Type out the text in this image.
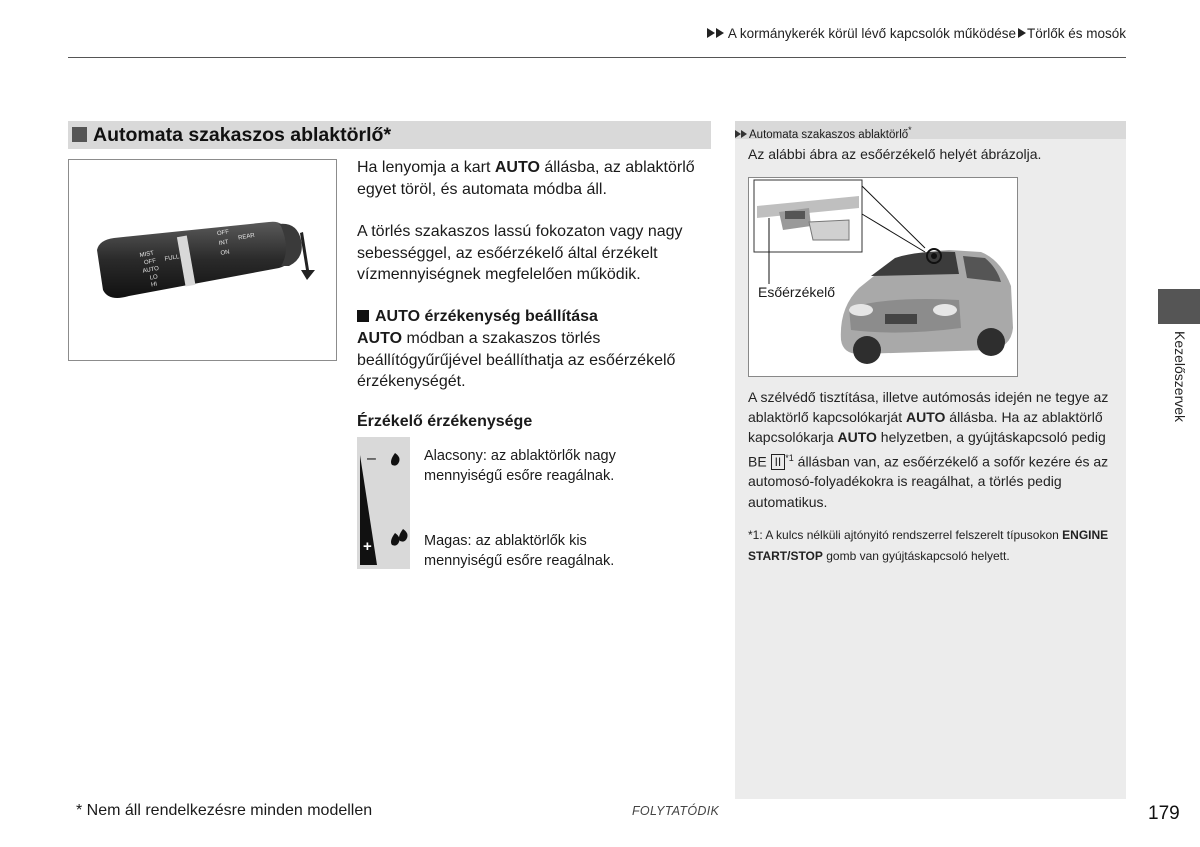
A kormánykerék körül lévő kapcsolók működése Törlők és mosók
Automata szakaszos ablaktörlő*
MIST
OFF
AUTO
LO
HI
FULL
OFF
INT
ON
REAR
Ha lenyomja a kart AUTO állásba, az ablaktörlő egyet töröl, és automata módba áll.
A törlés szakaszos lassú fokozaton vagy nagy sebességgel, az esőérzékelő által érzékelt vízmennyiségnek megfelelően működik.
AUTO érzékenység beállítása
AUTO módban a szakaszos törlés beállítógyűrűjével beállíthatja az esőérzékelő érzékenységét.
Érzékelő érzékenysége
–
+
Alacsony: az ablaktörlők nagy mennyiségű esőre reagálnak.
Magas: az ablaktörlők kis mennyiségű esőre reagálnak.
Automata szakaszos ablaktörlő*
Az alábbi ábra az esőérzékelő helyét ábrázolja.
Esőérzékelő
A szélvédő tisztítása, illetve autómosás idején ne tegye az ablaktörlő kapcsolókarját AUTO állásba. Ha az ablaktörlő kapcsolókarja AUTO helyzetben, a gyújtáskapcsoló pedig BE II $^{*1}$ állásban van, az esőérzékelő a sofőr kezére és az automosó-folyadékokra is reagálhat, a törlés pedig automatikus.
*1: A kulcs nélküli ajtónyitó rendszerrel felszerelt típusokon ENGINE START/STOP gomb van gyújtáskapcsoló helyett.
Kezelőszervek
* Nem áll rendelkezésre minden modellen	FOLYTATÓDIK	179
